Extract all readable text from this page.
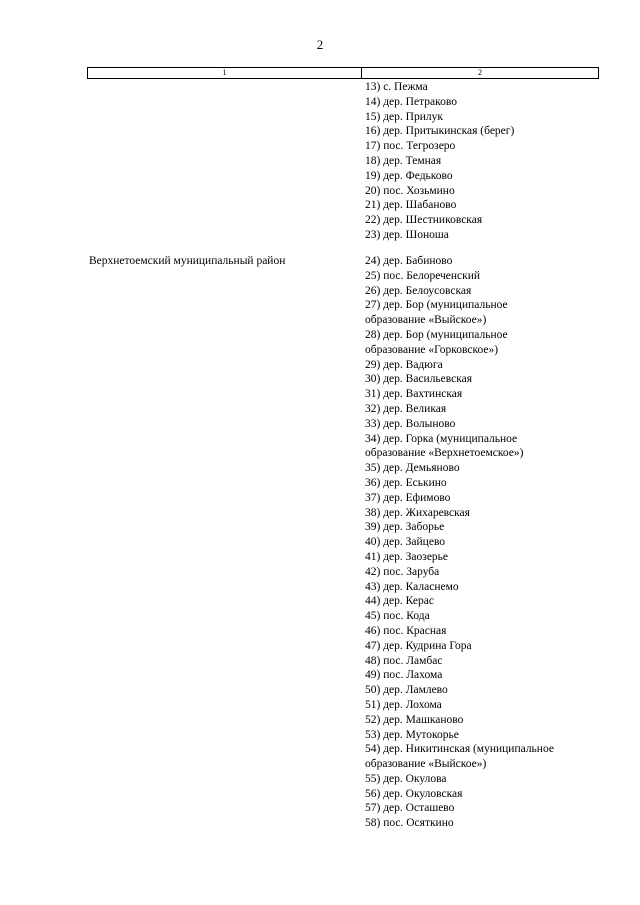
2
1	2
13) с. Пежма
14) дер. Петраково
15) дер. Прилук
16) дер. Притыкинская (берег)
17) пос. Тегрозеро
18) дер. Темная
19) дер. Федьково
20) пос. Хозьмино
21) дер. Шабаново
22) дер. Шестниковская
23) дер. Шоноша
Верхнетоемский муниципальный район	24) дер. Бабиново
25) пос. Белореченский
26) дер. Белоусовская
27) дер. Бор (муниципальное
образование «Выйское»)
28) дер. Бор (муниципальное
образование «Горковское»)
29) дер. Вадюга
30) дер. Васильевская
31) дер. Вахтинская
32) дер. Великая
33) дер. Волыново
34) дер. Горка (муниципальное
образование «Верхнетоемское»)
35) дер. Демьяново
36) дер. Еськино
37) дер. Ефимово
38) дер. Жихаревская
39) дер. Заборье
40) дер. Зайцево
41) дер. Заозерье
42) пос. Заруба
43) дер. Каласнемо
44) дер. Керас
45) пос. Кода
46) пос. Красная
47) дер. Кудрина Гора
48) пос. Ламбас
49) пос. Лахома
50) дер. Ламлево
51) дер. Лохома
52) дер. Машканово
53) дер. Мутокорье
54) дер. Никитинская (муниципальное
образование «Выйское»)
55) дер. Окулова
56) дер. Окуловская
57) дер. Осташево
58) пос. Осяткино
